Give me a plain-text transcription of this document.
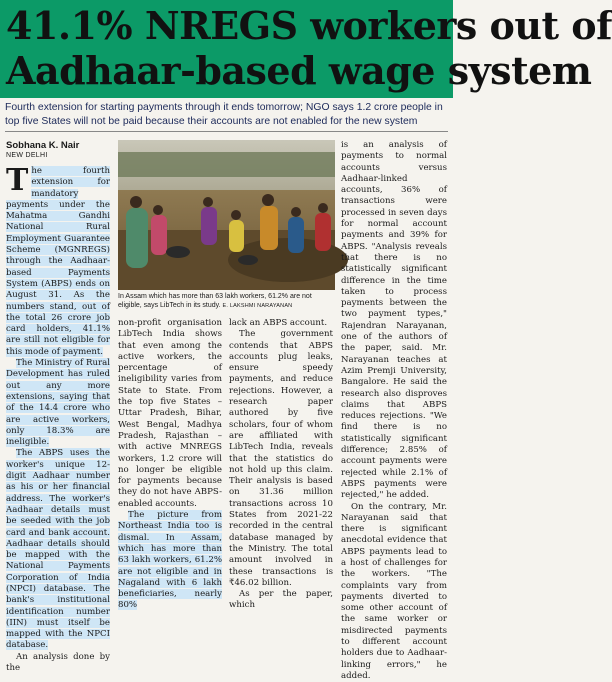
41.1% NREGS workers out of
Aadhaar-based wage system
Fourth extension for starting payments through it ends tomorrow; NGO says 1.2 crore people in top five States will not be paid because their accounts are not enabled for the new system
Sobhana K. Nair
NEW DELHI

The fourth extension for mandatory payments under the Mahatma Gandhi National Rural Employment Guarantee Scheme (MGNREGS) through the Aadhaar-based Payments System (ABPS) ends on August 31. As the numbers stand, out of the total 26 crore job card holders, 41.1% are still not eligible for this mode of payment.

The Ministry of Rural Development has ruled out any more extensions, saying that of the 14.4 crore who are active workers, only 18.3% are ineligible.

The ABPS uses the worker's unique 12-digit Aadhaar number as his or her financial address. The worker's Aadhaar details must be seeded with the job card and bank account. Aadhaar details should be mapped with the National Payments Corporation of India (NPCI) database. The bank's institutional identification number (IIN) must itself be mapped with the NPCI database.

An analysis done by the

In Assam which has more than 63 lakh workers, 61.2% are not eligible, says LibTech in its study. E. LAKSHMI NARAYANAN

non-profit organisation LibTech India shows that even among the active workers, the percentage of ineligibility varies from State to State. From the top five States – Uttar Pradesh, Bihar, West Bengal, Madhya Pradesh, Rajasthan – with active MNREGS workers, 1.2 crore will no longer be eligible for payments because they do not have ABPS-enabled accounts.

The picture from Northeast India too is dismal. In Assam, which has more than 63 lakh workers, 61.2% are not eligible and in Nagaland with 6 lakh beneficiaries, nearly 80%

lack an ABPS account.

The government contends that ABPS accounts plug leaks, ensure speedy payments, and reduce rejections. However, a research paper authored by five scholars, four of whom are affiliated with LibTech India, reveals that the statistics do not hold up this claim. Their analysis is based on 31.36 million transactions across 10 States from 2021-22 recorded in the central database managed by the Ministry. The total amount involved in these transactions is ₹46.02 billion.

As per the paper, which

is an analysis of payments to normal accounts versus Aadhaar-linked accounts, 36% of transactions were processed in seven days for normal account payments and 39% for ABPS. "Analysis reveals that there is no statistically significant difference in the time taken to process payments between the two payment types," Rajendran Narayanan, one of the authors of the paper, said. Mr. Narayanan teaches at Azim Premji University, Bangalore. He said the research also disproves claims that ABPS reduces rejections. "We find there is no statistically significant difference; 2.85% of account payments were rejected while 2.1% of ABPS payments were rejected," he added.

On the contrary, Mr. Narayanan said that there is significant anecdotal evidence that ABPS payments lead to a host of challenges for the workers. "The complaints vary from payments diverted to some other account of the same worker or misdirected payments to different account holders due to Aadhaar-linking errors," he added.
